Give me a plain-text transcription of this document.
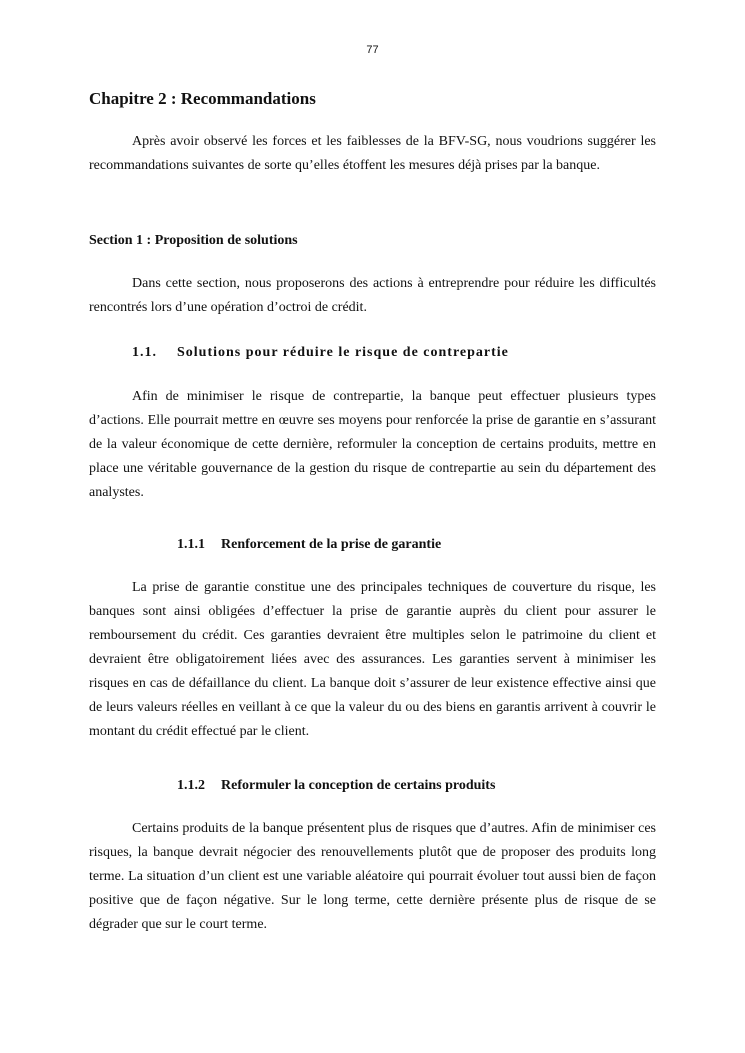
77
Chapitre 2 : Recommandations

Après avoir observé les forces et les faiblesses de la BFV-SG, nous voudrions suggérer les recommandations suivantes de sorte qu’elles étoffent les mesures déjà prises par la banque.

Section 1 : Proposition de solutions

Dans cette section, nous proposerons des actions à entreprendre pour réduire les difficultés rencontrés lors d’une opération d’octroi de crédit.

1.1. Solutions pour réduire le risque de contrepartie

Afin de minimiser le risque de contrepartie, la banque peut effectuer plusieurs types d’actions. Elle pourrait mettre en œuvre ses moyens pour renforcée la prise de garantie en s’assurant de la valeur économique de cette dernière, reformuler la conception de certains produits, mettre en place une véritable gouvernance de la gestion du risque de contrepartie au sein du département des analystes.

1.1.1 Renforcement de la prise de garantie

La prise de garantie constitue une des principales techniques de couverture du risque, les banques sont ainsi obligées d’effectuer la prise de garantie auprès du client pour assurer le remboursement du crédit. Ces garanties devraient être multiples selon le patrimoine du client et devraient être obligatoirement liées avec des assurances. Les garanties servent à minimiser les risques en cas de défaillance du client. La banque doit s’assurer de leur existence effective ainsi que de leurs valeurs réelles en veillant à ce que la valeur du ou des biens en garantis arrivent à couvrir le montant du crédit effectué par le client.

1.1.2 Reformuler la conception de certains produits

Certains produits de la banque présentent plus de risques que d’autres. Afin de minimiser ces risques, la banque devrait négocier des renouvellements plutôt que de proposer des produits long terme. La situation d’un client est une variable aléatoire qui pourrait évoluer tout aussi bien de façon positive que de façon négative. Sur le long terme, cette dernière présente plus de risque de se dégrader que sur le court terme.
